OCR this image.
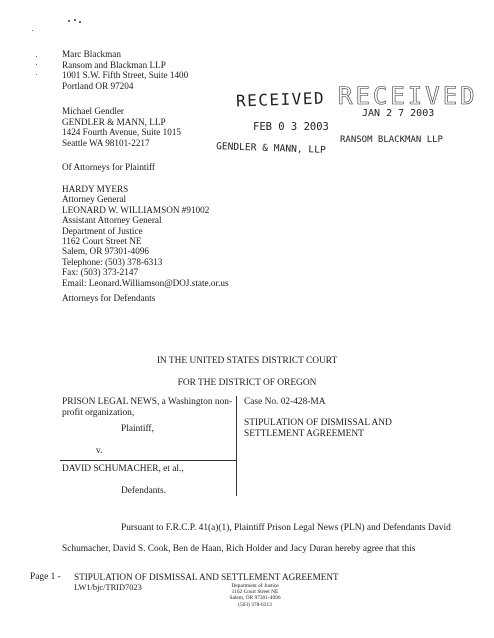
Marc Blackman
Ransom and Blackman LLP
1001 S.W. Fifth Street, Suite 1400
Portland OR 97204
Michael Gendler
GENDLER & MANN, LLP
1424 Fourth Avenue, Suite 1015
Seattle WA 98101-2217
Of Attorneys for Plaintiff
HARDY MYERS
Attorney General
LEONARD W. WILLIAMSON #91002
Assistant Attorney General
Department of Justice
1162 Court Street NE
Salem, OR 97301-4096
Telephone: (503) 378-6313
Fax: (503) 373-2147
Email: Leonard.Williamson@DOJ.state.or.us
Attorneys for Defendants
RECEIVED
FEB 0 3 2003
GENDLER & MANN, LLP
RECEIVED
JAN 2 7 2003
RANSOM BLACKMAN LLP
IN THE UNITED STATES DISTRICT COURT
FOR THE DISTRICT OF OREGON
PRISON LEGAL NEWS, a Washington non-
profit organization,
Plaintiff,
v.
DAVID SCHUMACHER, et al.,
Defendants.
Case No. 02-428-MA
STIPULATION OF DISMISSAL AND
SETTLEMENT AGREEMENT
Pursuant to F.R.C.P. 41(a)(1), Plaintiff Prison Legal News (PLN) and Defendants David
Schumacher, David S. Cook, Ben de Haan, Rich Holder and Jacy Duran hereby agree that this
Page 1 - STIPULATION OF DISMISSAL AND SETTLEMENT AGREEMENT
LW1/bjc/TRID7023	Department of Justice
1162 Court Street NE
Salem, OR 97301-4096
(503) 378-6313
